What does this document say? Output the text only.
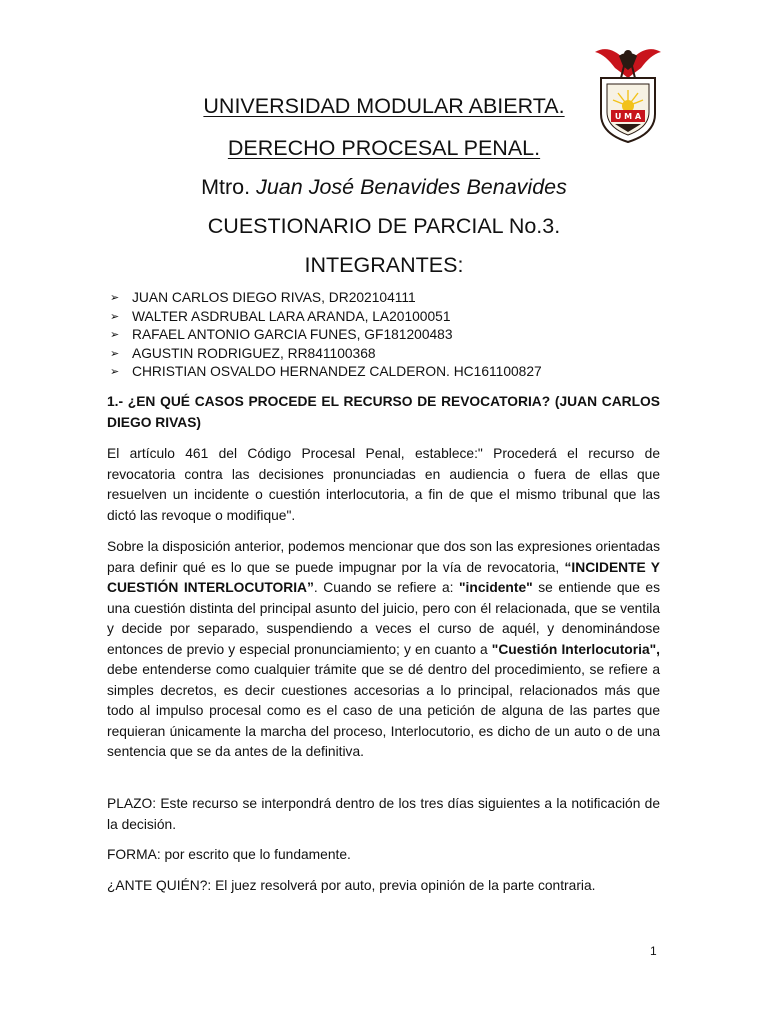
U M A
UNIVERSIDAD MODULAR ABIERTA.
DERECHO PROCESAL PENAL.
Mtro. Juan José Benavides Benavides
CUESTIONARIO DE PARCIAL No.3.
INTEGRANTES:
➢ JUAN CARLOS DIEGO RIVAS, DR202104111
➢ WALTER ASDRUBAL LARA ARANDA, LA20100051
➢ RAFAEL ANTONIO GARCIA FUNES, GF181200483
➢ AGUSTIN RODRIGUEZ, RR841100368
➢ CHRISTIAN OSVALDO HERNANDEZ CALDERON. HC161100827
1.- ¿EN QUÉ CASOS PROCEDE EL RECURSO DE REVOCATORIA? (JUAN CARLOS DIEGO RIVAS)

El artículo 461 del Código Procesal Penal, establece:" Procederá el recurso de revocatoria contra las decisiones pronunciadas en audiencia o fuera de ellas que resuelven un incidente o cuestión interlocutoria, a fin de que el mismo tribunal que las dictó las revoque o modifique".

Sobre la disposición anterior, podemos mencionar que dos son las expresiones orientadas para definir qué es lo que se puede impugnar por la vía de revocatoria, “INCIDENTE Y CUESTIÓN INTERLOCUTORIA”. Cuando se refiere a: "incidente" se entiende que es una cuestión distinta del principal asunto del juicio, pero con él relacionada, que se ventila y decide por separado, suspendiendo a veces el curso de aquél, y denominándose entonces de previo y especial pronunciamiento; y en cuanto a "Cuestión Interlocutoria", debe entenderse como cualquier trámite que se dé dentro del procedimiento, se refiere a simples decretos, es decir cuestiones accesorias a lo principal, relacionados más que todo al impulso procesal como es el caso de una petición de alguna de las partes que requieran únicamente la marcha del proceso, Interlocutorio, es dicho de un auto o de una sentencia que se da antes de la definitiva.

PLAZO: Este recurso se interpondrá dentro de los tres días siguientes a la notificación de la decisión.

FORMA: por escrito que lo fundamente.

¿ANTE QUIÉN?: El juez resolverá por auto, previa opinión de la parte contraria.

1
